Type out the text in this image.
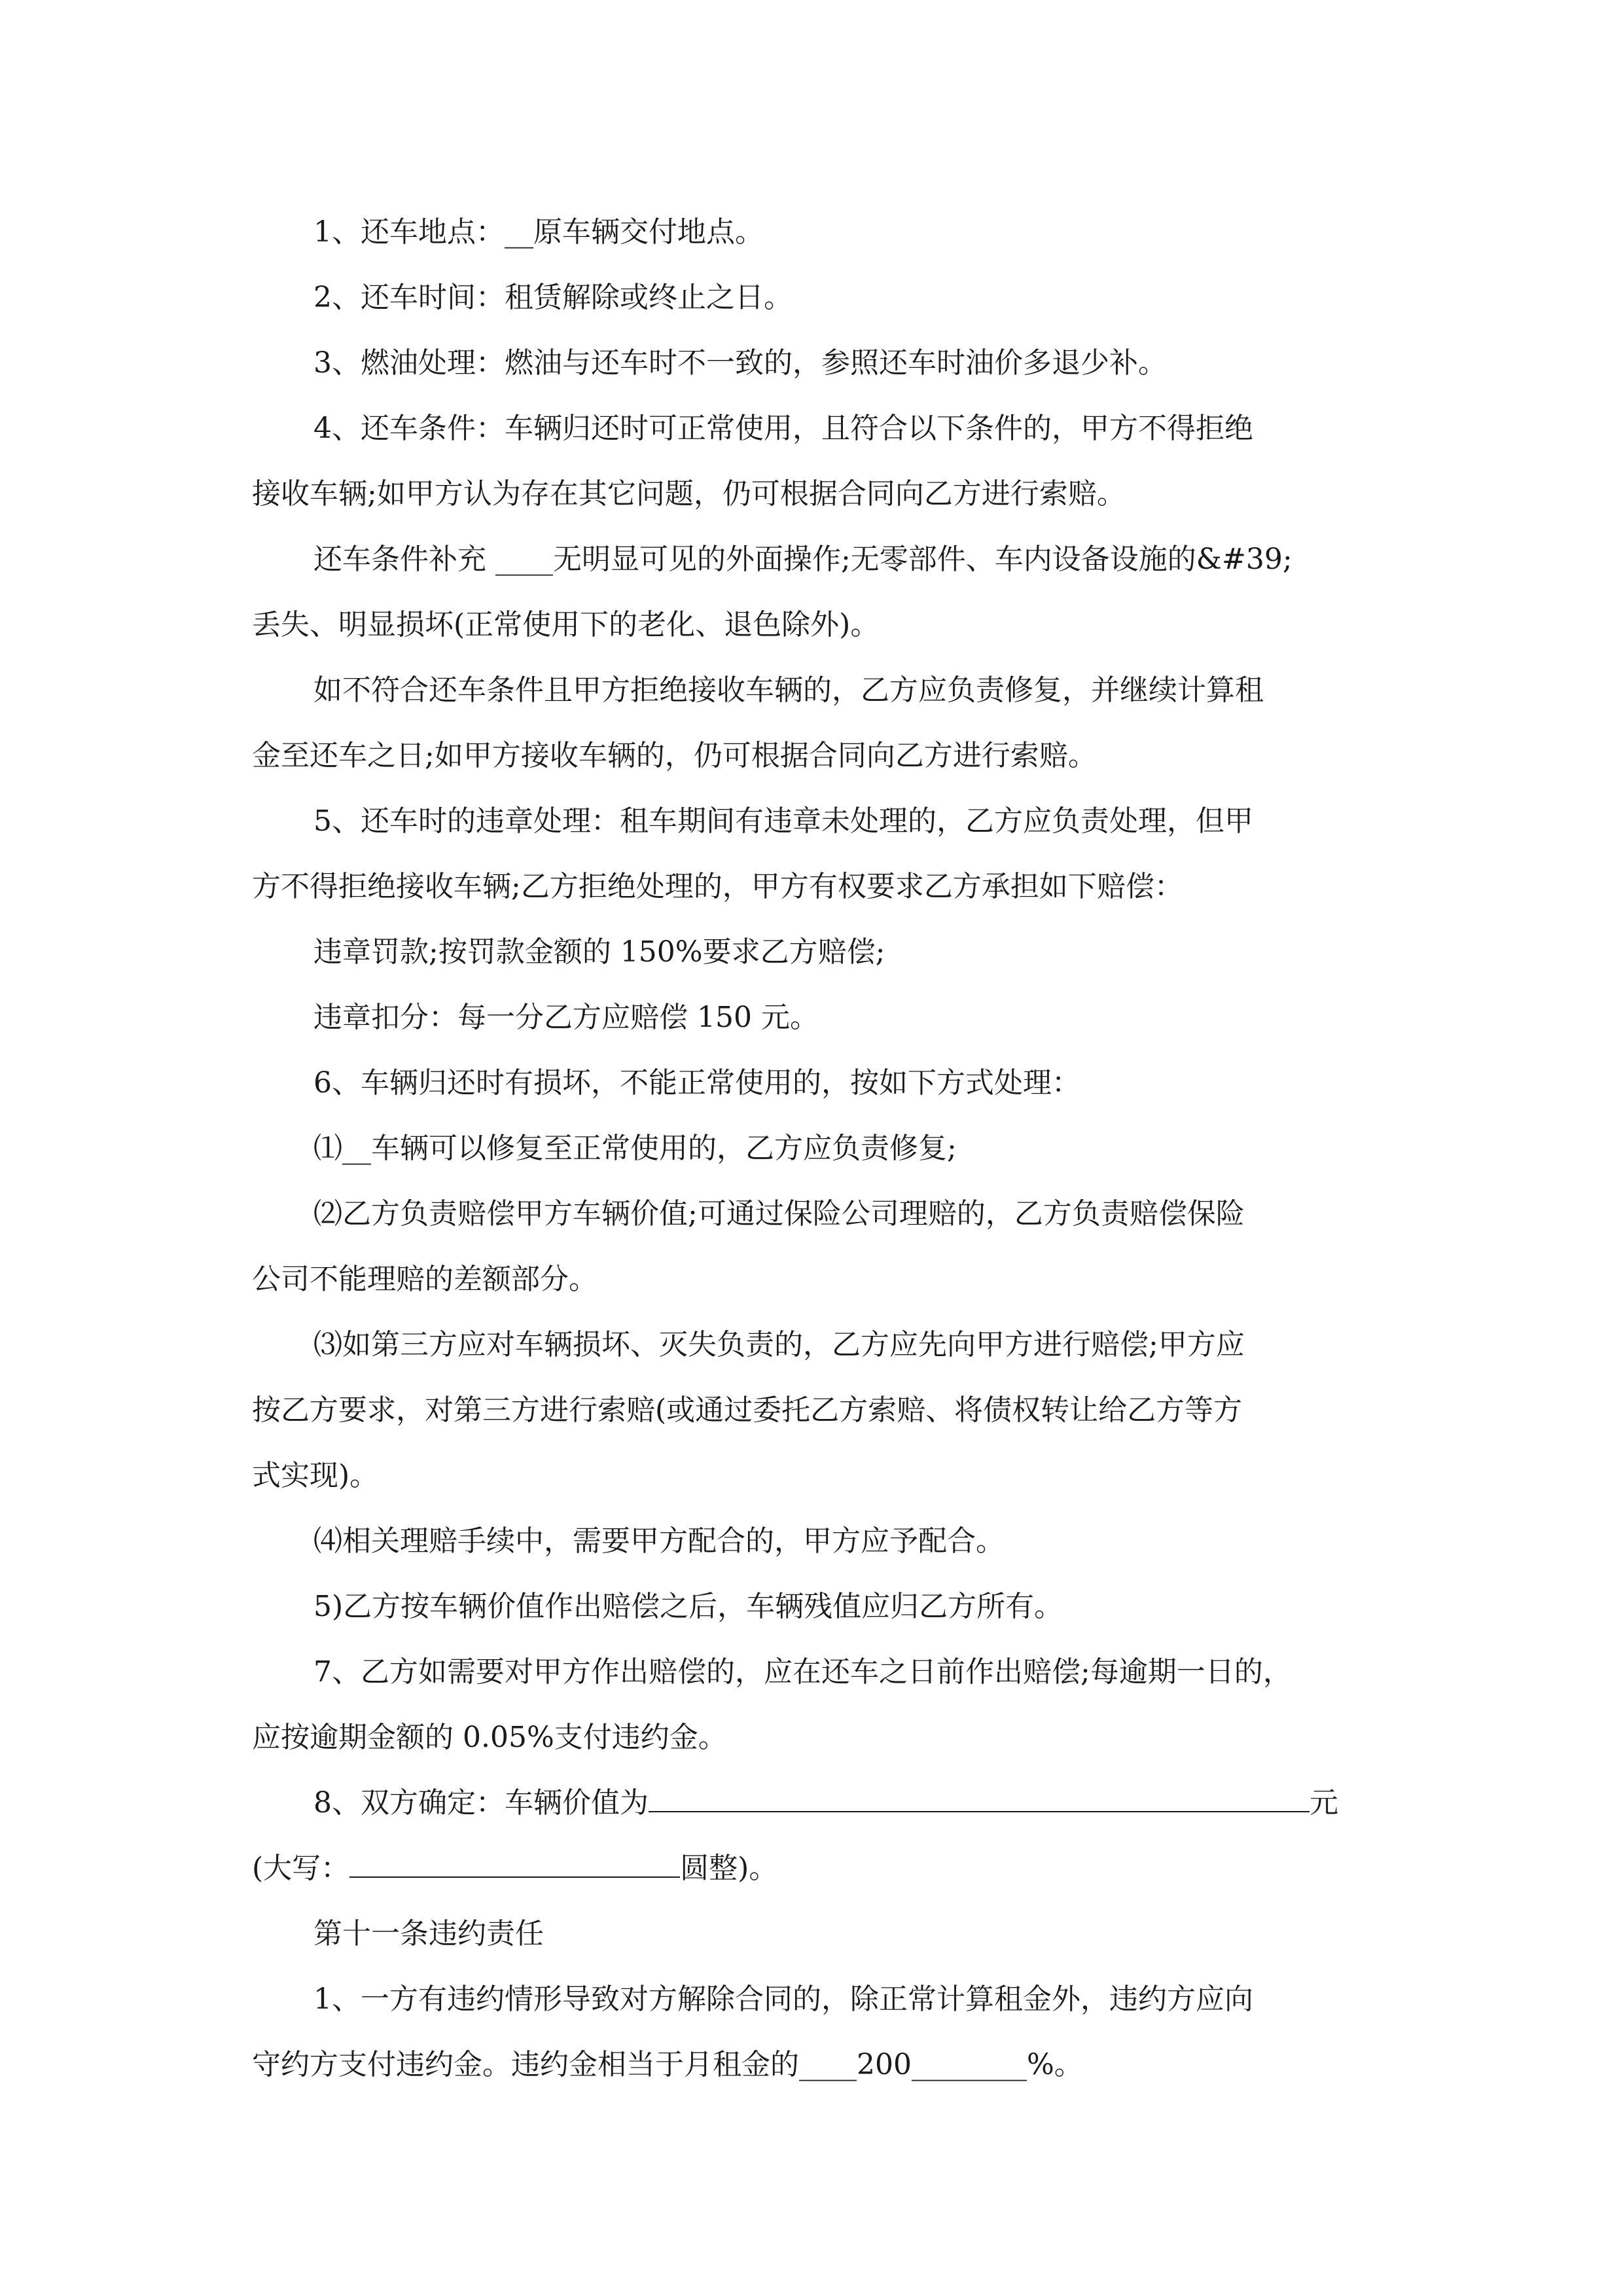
1、还车地点：__原车辆交付地点。

2、还车时间：租赁解除或终止之日。

3、燃油处理：燃油与还车时不一致的，参照还车时油价多退少补。

4、还车条件：车辆归还时可正常使用，且符合以下条件的，甲方不得拒绝
接收车辆;如甲方认为存在其它问题，仍可根据合同向乙方进行索赔。

还车条件补充 ____无明显可见的外面操作;无零部件、车内设备设施的&#39;
丢失、明显损坏(正常使用下的老化、退色除外)。

如不符合还车条件且甲方拒绝接收车辆的，乙方应负责修复，并继续计算租
金至还车之日;如甲方接收车辆的，仍可根据合同向乙方进行索赔。

5、还车时的违章处理：租车期间有违章未处理的，乙方应负责处理，但甲
方不得拒绝接收车辆;乙方拒绝处理的，甲方有权要求乙方承担如下赔偿：

违章罚款;按罚款金额的 150%要求乙方赔偿;

违章扣分：每一分乙方应赔偿 150 元。

6、车辆归还时有损坏，不能正常使用的，按如下方式处理：

⑴__车辆可以修复至正常使用的，乙方应负责修复;

⑵乙方负责赔偿甲方车辆价值;可通过保险公司理赔的，乙方负责赔偿保险
公司不能理赔的差额部分。

⑶如第三方应对车辆损坏、灭失负责的，乙方应先向甲方进行赔偿;甲方应
按乙方要求，对第三方进行索赔(或通过委托乙方索赔、将债权转让给乙方等方
式实现)。

⑷相关理赔手续中，需要甲方配合的，甲方应予配合。

5)乙方按车辆价值作出赔偿之后，车辆残值应归乙方所有。

7、乙方如需要对甲方作出赔偿的，应在还车之日前作出赔偿;每逾期一日的，
应按逾期金额的 0.05%支付违约金。

8、双方确定：车辆价值为	元
(大写：	圆整)。

第十一条违约责任

1、一方有违约情形导致对方解除合同的，除正常计算租金外，违约方应向
守约方支付违约金。违约金相当于月租金的____200________%。
